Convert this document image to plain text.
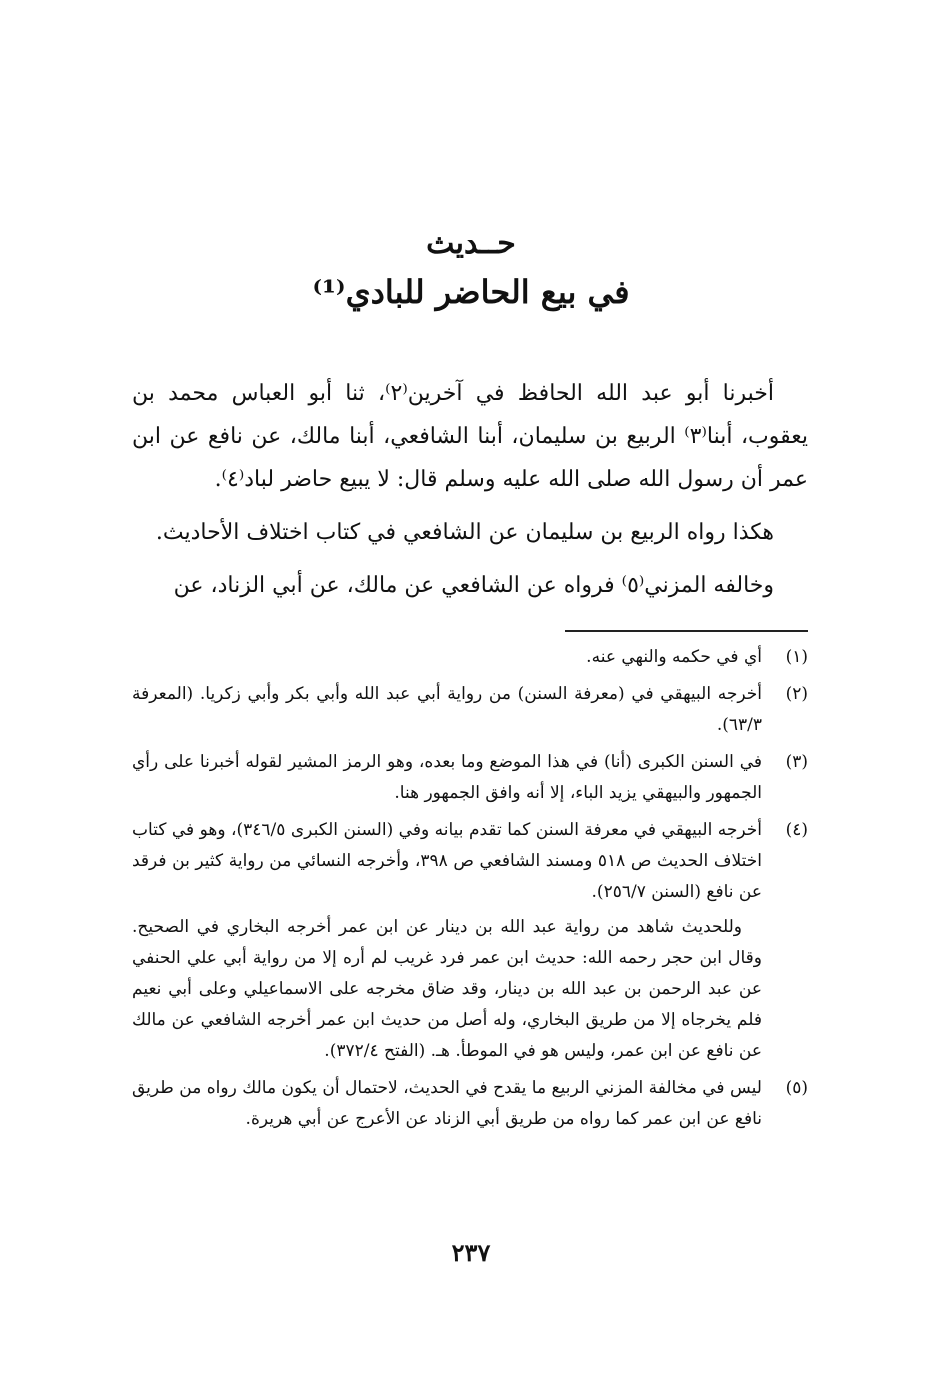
حــديث
في بيع الحاضر للبادي⁽¹⁾

أخبرنا أبو عبد الله الحافظ في آخرين⁽٢⁾، ثنا أبو العباس محمد بن يعقوب، أبنا⁽٣⁾ الربيع بن سليمان، أبنا الشافعي، أبنا مالك، عن نافع عن ابن عمر أن رسول الله صلى الله عليه وسلم قال: لا يبيع حاضر لباد⁽٤⁾.

هكذا رواه الربيع بن سليمان عن الشافعي في كتاب اختلاف الأحاديث.

وخالفه المزني⁽٥⁾ فرواه عن الشافعي عن مالك، عن أبي الزناد، عن

(١)
أي في حكمه والنهي عنه.
(٢)
أخرجه البيهقي في (معرفة السنن) من رواية أبي عبد الله وأبي بكر وأبي زكريا. (المعرفة ٦٣/٣).
(٣)
في السنن الكبرى (أنا) في هذا الموضع وما بعده، وهو الرمز المشير لقوله أخبرنا على رأي الجمهور والبيهقي يزيد الباء، إلا أنه وافق الجمهور هنا.
(٤)
أخرجه البيهقي في معرفة السنن كما تقدم بيانه وفي (السنن الكبرى ٣٤٦/٥)، وهو في كتاب اختلاف الحديث ص ٥١٨ ومسند الشافعي ص ٣٩٨، وأخرجه النسائي من رواية كثير بن فرقد عن نافع (السنن ٢٥٦/٧).
وللحديث شاهد من رواية عبد الله بن دينار عن ابن عمر أخرجه البخاري في الصحيح. وقال ابن حجر رحمه الله: حديث ابن عمر فرد غريب لم أره إلا من رواية أبي علي الحنفي عن عبد الرحمن بن عبد الله بن دينار، وقد ضاق مخرجه على الاسماعيلي وعلى أبي نعيم فلم يخرجاه إلا من طريق البخاري، وله أصل من حديث ابن عمر أخرجه الشافعي عن مالك عن نافع عن ابن عمر، وليس هو في الموطأ. هـ. (الفتح ٣٧٢/٤).
(٥)
ليس في مخالفة المزني الربيع ما يقدح في الحديث، لاحتمال أن يكون مالك رواه من طريق نافع عن ابن عمر كما رواه من طريق أبي الزناد عن الأعرج عن أبي هريرة.
٢٣٧
